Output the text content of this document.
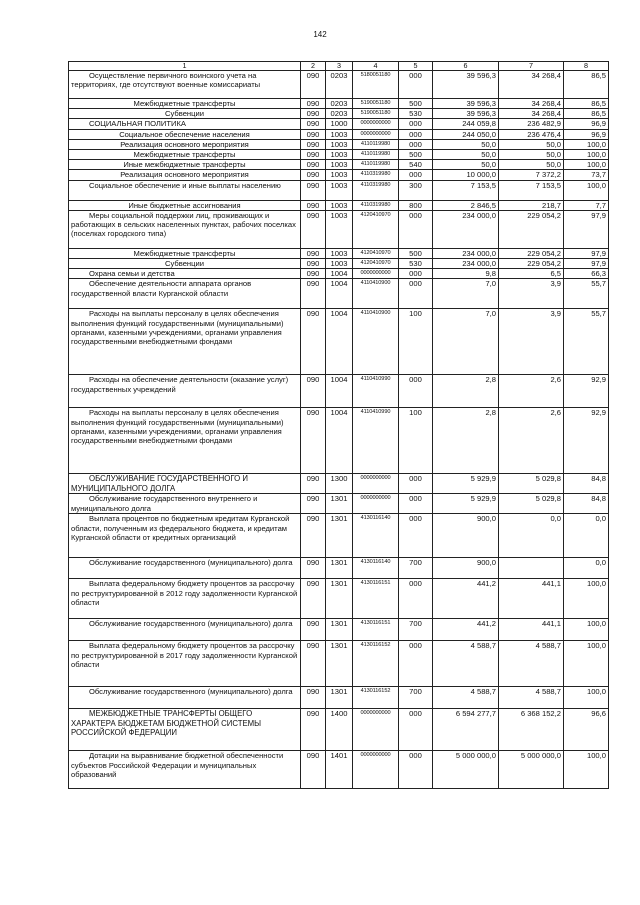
142
1	2	3	4	5	6	7	8
Осуществление первичного воинского учета на территориях, где отсутствуют военные комиссариаты	090	0203	5180051180	000	39 596,3	34 268,4	86,5
Межбюджетные трансферты	090	0203	5190051180	500	39 596,3	34 268,4	86,5
Субвенции	090	0203	5190051180	530	39 596,3	34 268,4	86,5
СОЦИАЛЬНАЯ ПОЛИТИКА	090	1000	0000000000	000	244 059,8	236 482,9	96,9
Социальное обеспечение населения	090	1003	0000000000	000	244 050,0	236 476,4	96,9
Реализация основного мероприятия	090	1003	4110119980	000	50,0	50,0	100,0
Межбюджетные трансферты	090	1003	4110119980	500	50,0	50,0	100,0
Иные межбюджетные трансферты	090	1003	4110119980	540	50,0	50,0	100,0
Реализация основного мероприятия	090	1003	4110319980	000	10 000,0	7 372,2	73,7
Социальное обеспечение и иные выплаты населению	090	1003	4110319980	300	7 153,5	7 153,5	100,0
Иные бюджетные ассигнования	090	1003	4110319980	800	2 846,5	218,7	7,7
Меры социальной поддержки лиц, проживающих и работающих в сельских населенных пунктах, рабочих поселках (поселках городского типа)	090	1003	4120410970	000	234 000,0	229 054,2	97,9
Межбюджетные трансферты	090	1003	4120410970	500	234 000,0	229 054,2	97,9
Субвенции	090	1003	4120410970	530	234 000,0	229 054,2	97,9
Охрана семьи и детства	090	1004	0000000000	000	9,8	6,5	66,3
Обеспечение деятельности аппарата органов государственной власти Курганской области	090	1004	4110410900	000	7,0	3,9	55,7
Расходы на выплаты персоналу в целях обеспечения выполнения функций государственными (муниципальными) органами, казенными учреждениями, органами управления государственными внебюджетными фондами	090	1004	4110410900	100	7,0	3,9	55,7
Расходы на обеспечение деятельности (оказание услуг) государственных учреждений	090	1004	4110410990	000	2,8	2,6	92,9
Расходы на выплаты персоналу в целях обеспечения выполнения функций государственными (муниципальными) органами, казенными учреждениями, органами управления государственными внебюджетными фондами	090	1004	4110410990	100	2,8	2,6	92,9
ОБСЛУЖИВАНИЕ ГОСУДАРСТВЕННОГО И МУНИЦИПАЛЬНОГО ДОЛГА	090	1300	0000000000	000	5 929,9	5 029,8	84,8
Обслуживание государственного внутреннего и муниципального долга	090	1301	0000000000	000	5 929,9	5 029,8	84,8
Выплата процентов по бюджетным кредитам Курганской области, полученным из федерального бюджета, и кредитам Курганской области от кредитных организаций	090	1301	4130116140	000	900,0	0,0	0,0
Обслуживание государственного (муниципального) долга	090	1301	4130116140	700	900,0		0,0
Выплата федеральному бюджету процентов за рассрочку по реструктурированной в 2012 году задолженности Курганской области	090	1301	4130116151	000	441,2	441,1	100,0
Обслуживание государственного (муниципального) долга	090	1301	4130116151	700	441,2	441,1	100,0
Выплата федеральному бюджету процентов за рассрочку по реструктурированной в 2017 году задолженности Курганской области	090	1301	4130116152	000	4 588,7	4 588,7	100,0
Обслуживание государственного (муниципального) долга	090	1301	4130116152	700	4 588,7	4 588,7	100,0
МЕЖБЮДЖЕТНЫЕ ТРАНСФЕРТЫ ОБЩЕГО ХАРАКТЕРА БЮДЖЕТАМ БЮДЖЕТНОЙ СИСТЕМЫ РОССИЙСКОЙ ФЕДЕРАЦИИ	090	1400	0000000000	000	6 594 277,7	6 368 152,2	96,6
Дотации на выравнивание бюджетной обеспеченности субъектов Российской Федерации и муниципальных образований	090	1401	0000000000	000	5 000 000,0	5 000 000,0	100,0
